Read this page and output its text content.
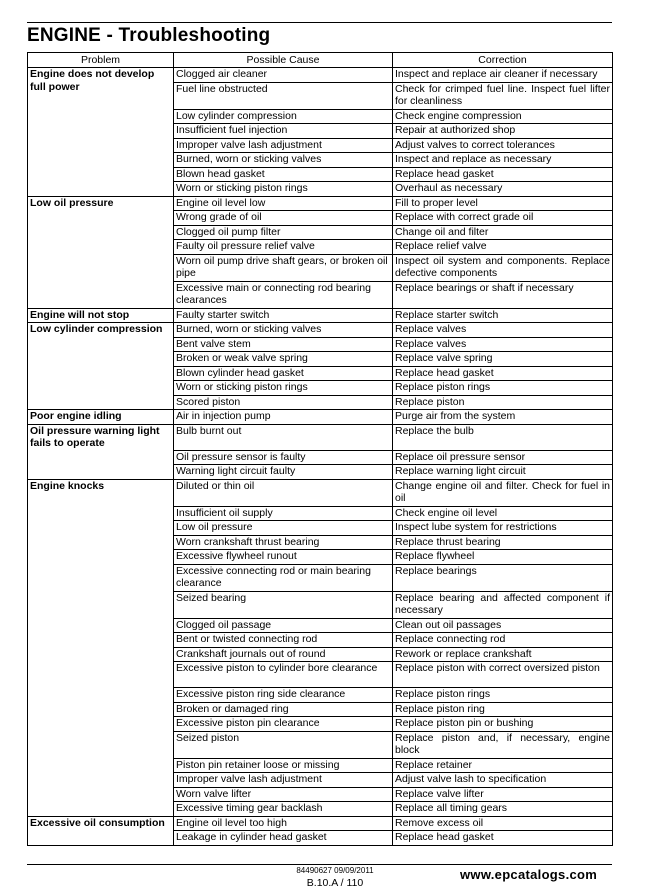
ENGINE - Troubleshooting
Problem	Possible Cause	Correction
Engine does not develop full power	Clogged air cleaner	Inspect and replace air cleaner if necessary
	Fuel line obstructed	Check for crimped fuel line. Inspect fuel lifter for cleanliness
	Low cylinder compression	Check engine compression
	Insufficient fuel injection	Repair at authorized shop
	Improper valve lash adjustment	Adjust valves to correct tolerances
	Burned, worn or sticking valves	Inspect and replace as necessary
	Blown head gasket	Replace head gasket
	Worn or sticking piston rings	Overhaul as necessary
Low oil pressure	Engine oil level low	Fill to proper level
	Wrong grade of oil	Replace with correct grade oil
	Clogged oil pump filter	Change oil and filter
	Faulty oil pressure relief valve	Replace relief valve
	Worn oil pump drive shaft gears, or broken oil pipe	Inspect oil system and components. Replace defective components
	Excessive main or connecting rod bearing clearances	Replace bearings or shaft if necessary
Engine will not stop	Faulty starter switch	Replace starter switch
Low cylinder compression	Burned, worn or sticking valves	Replace valves
	Bent valve stem	Replace valves
	Broken or weak valve spring	Replace valve spring
	Blown cylinder head gasket	Replace head gasket
	Worn or sticking piston rings	Replace piston rings
	Scored piston	Replace piston
Poor engine idling	Air in injection pump	Purge air from the system
Oil pressure warning light fails to operate	Bulb burnt out	Replace the bulb
	Oil pressure sensor is faulty	Replace oil pressure sensor
	Warning light circuit faulty	Replace warning light circuit
Engine knocks	Diluted or thin oil	Change engine oil and filter. Check for fuel in oil
	Insufficient oil supply	Check engine oil level
	Low oil pressure	Inspect lube system for restrictions
	Worn crankshaft thrust bearing	Replace thrust bearing
	Excessive flywheel runout	Replace flywheel
	Excessive connecting rod or main bearing clearance	Replace bearings
	Seized bearing	Replace bearing and affected component if necessary
	Clogged oil passage	Clean out oil passages
	Bent or twisted connecting rod	Replace connecting rod
	Crankshaft journals out of round	Rework or replace crankshaft
	Excessive piston to cylinder bore clearance	Replace piston with correct oversized piston
	Excessive piston ring side clearance	Replace piston rings
	Broken or damaged ring	Replace piston ring
	Excessive piston pin clearance	Replace piston pin or bushing
	Seized piston	Replace piston and, if necessary, engine block
	Piston pin retainer loose or missing	Replace retainer
	Improper valve lash adjustment	Adjust valve lash to specification
	Worn valve lifter	Replace valve lifter
	Excessive timing gear backlash	Replace all timing gears
Excessive oil consumption	Engine oil level too high	Remove excess oil
	Leakage in cylinder head gasket	Replace head gasket
84490627 09/09/2011
B.10.A / 110
www.epcatalogs.com
